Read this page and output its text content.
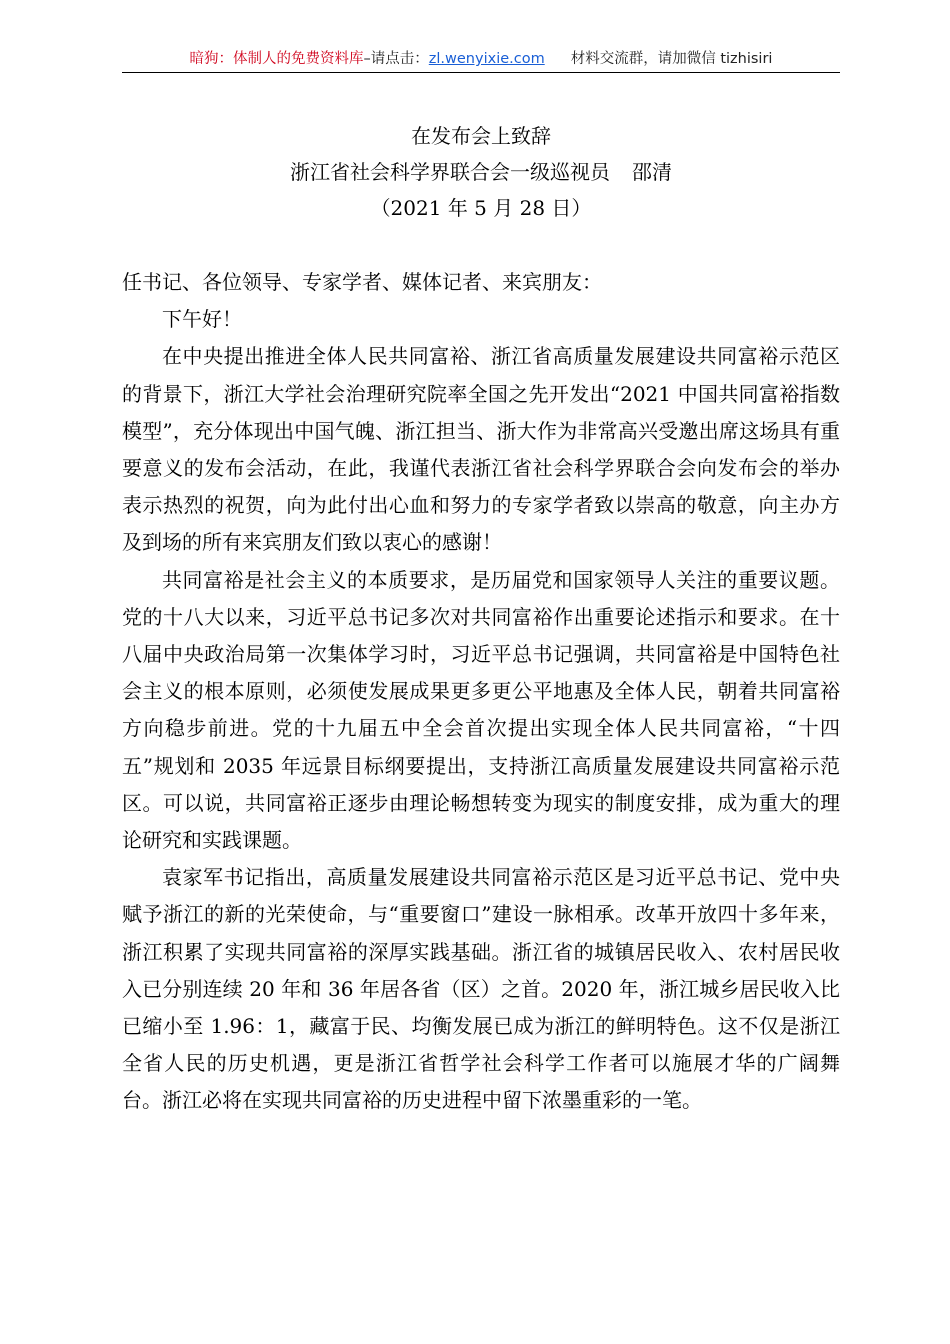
暗狗：体制人的免费资料库–请点击：zl.wenyixie.com 材料交流群，请加微信 tizhisiri
在发布会上致辞
浙江省社会科学界联合会一级巡视员 邵清
（2021 年 5 月 28 日）

任书记、各位领导、专家学者、媒体记者、来宾朋友：

下午好！

在中央提出推进全体人民共同富裕、浙江省高质量发展建设共同富裕示范区的背景下，浙江大学社会治理研究院率全国之先开发出“2021 中国共同富裕指数模型”，充分体现出中国气魄、浙江担当、浙大作为非常高兴受邀出席这场具有重要意义的发布会活动，在此，我谨代表浙江省社会科学界联合会向发布会的举办表示热烈的祝贺，向为此付出心血和努力的专家学者致以崇高的敬意，向主办方及到场的所有来宾朋友们致以衷心的感谢！

共同富裕是社会主义的本质要求，是历届党和国家领导人关注的重要议题。党的十八大以来，习近平总书记多次对共同富裕作出重要论述指示和要求。在十八届中央政治局第一次集体学习时，习近平总书记强调，共同富裕是中国特色社会主义的根本原则，必须使发展成果更多更公平地惠及全体人民，朝着共同富裕方向稳步前进。党的十九届五中全会首次提出实现全体人民共同富裕，“十四五”规划和 2035 年远景目标纲要提出，支持浙江高质量发展建设共同富裕示范区。可以说，共同富裕正逐步由理论畅想转变为现实的制度安排，成为重大的理论研究和实践课题。

袁家军书记指出，高质量发展建设共同富裕示范区是习近平总书记、党中央赋予浙江的新的光荣使命，与“重要窗口”建设一脉相承。改革开放四十多年来，浙江积累了实现共同富裕的深厚实践基础。浙江省的城镇居民收入、农村居民收入已分别连续 20 年和 36 年居各省（区）之首。2020 年，浙江城乡居民收入比已缩小至 1.96：1，藏富于民、均衡发展已成为浙江的鲜明特色。这不仅是浙江全省人民的历史机遇，更是浙江省哲学社会科学工作者可以施展才华的广阔舞台。浙江必将在实现共同富裕的历史进程中留下浓墨重彩的一笔。
